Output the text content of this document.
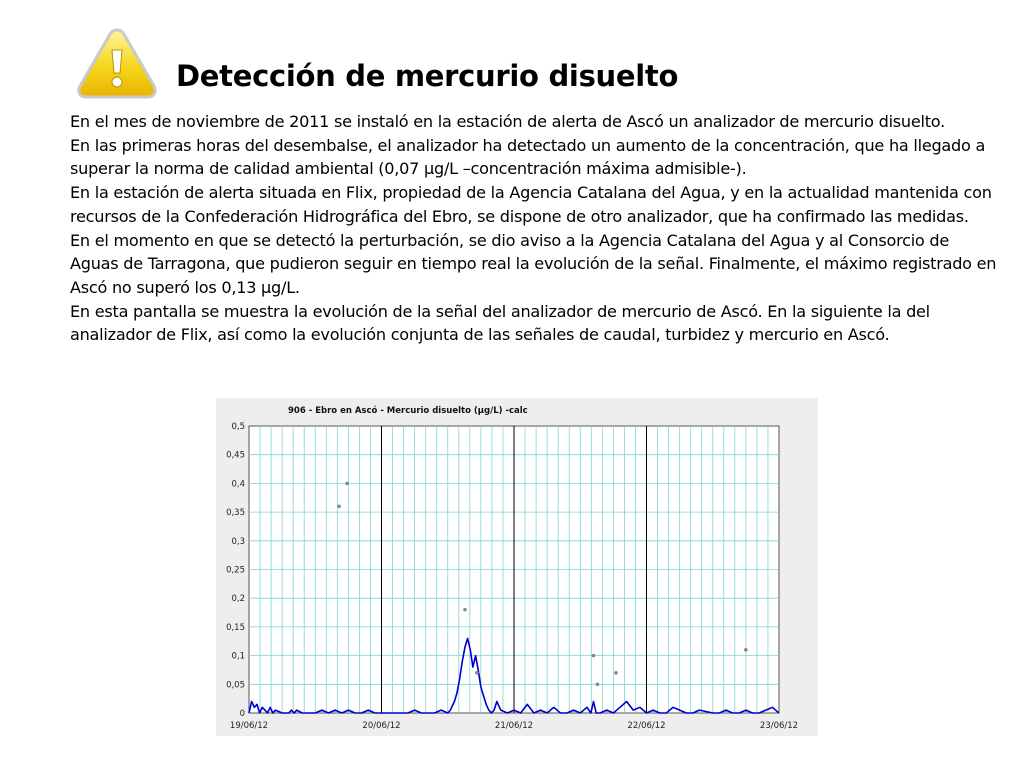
Detección de mercurio disuelto

En el mes de noviembre de 2011 se instaló en la estación de alerta de Ascó un analizador de mercurio disuelto.

En las primeras horas del desembalse, el analizador ha detectado un aumento de la concentración, que ha llegado a superar la norma de calidad ambiental (0,07 µg/L –concentración máxima admisible-).

En la estación de alerta situada en Flix, propiedad de la Agencia Catalana del Agua, y en la actualidad mantenida con recursos de la Confederación Hidrográfica del Ebro, se dispone de otro analizador, que ha confirmado las medidas.

En el momento en que se detectó la perturbación, se dio aviso a la Agencia Catalana del Agua y al Consorcio de Aguas de Tarragona, que pudieron seguir en tiempo real la evolución de la señal. Finalmente, el máximo registrado en Ascó no superó los 0,13 µg/L.

En esta pantalla se muestra la evolución de la señal del analizador de mercurio de Ascó. En la siguiente la del analizador de Flix, así como la evolución conjunta de las señales de caudal, turbidez y mercurio en Ascó.

906 - Ebro en Ascó - Mercurio disuelto (µg/L) -calc
0
0,05
0,1
0,15
0,2
0,25
0,3
0,35
0,4
0,45
0,5
19/06/12	20/06/12	21/06/12	22/06/12	23/06/12
